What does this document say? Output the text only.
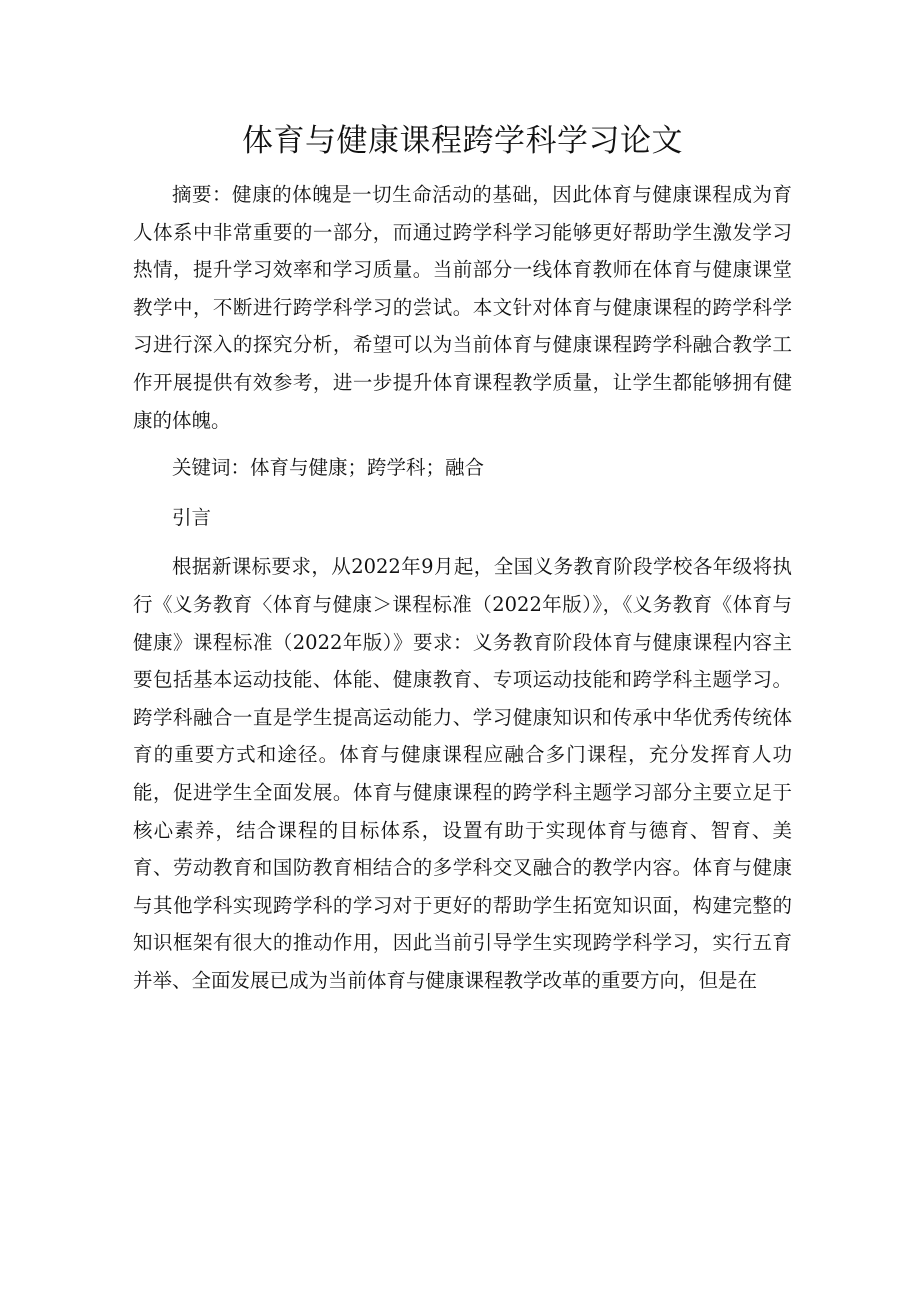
体育与健康课程跨学科学习论文

摘要：健康的体魄是一切生命活动的基础，因此体育与健康课程成为育人体系中非常重要的一部分，而通过跨学科学习能够更好帮助学生激发学习热情，提升学习效率和学习质量。当前部分一线体育教师在体育与健康课堂教学中，不断进行跨学科学习的尝试。本文针对体育与健康课程的跨学科学习进行深入的探究分析，希望可以为当前体育与健康课程跨学科融合教学工作开展提供有效参考，进一步提升体育课程教学质量，让学生都能够拥有健康的体魄。

关键词：体育与健康；跨学科；融合

引言

根据新课标要求，从2022年9月起，全国义务教育阶段学校各年级将执行《义务教育〈体育与健康＞课程标准（2022年版）》，《义务教育《体育与健康》课程标准（2022年版）》要求：义务教育阶段体育与健康课程内容主要包括基本运动技能、体能、健康教育、专项运动技能和跨学科主题学习。跨学科融合一直是学生提高运动能力、学习健康知识和传承中华优秀传统体育的重要方式和途径。体育与健康课程应融合多门课程，充分发挥育人功能，促进学生全面发展。体育与健康课程的跨学科主题学习部分主要立足于核心素养，结合课程的目标体系，设置有助于实现体育与德育、智育、美育、劳动教育和国防教育相结合的多学科交叉融合的教学内容。体育与健康与其他学科实现跨学科的学习对于更好的帮助学生拓宽知识面，构建完整的知识框架有很大的推动作用，因此当前引导学生实现跨学科学习，实行五育并举、全面发展已成为当前体育与健康课程教学改革的重要方向，但是在
